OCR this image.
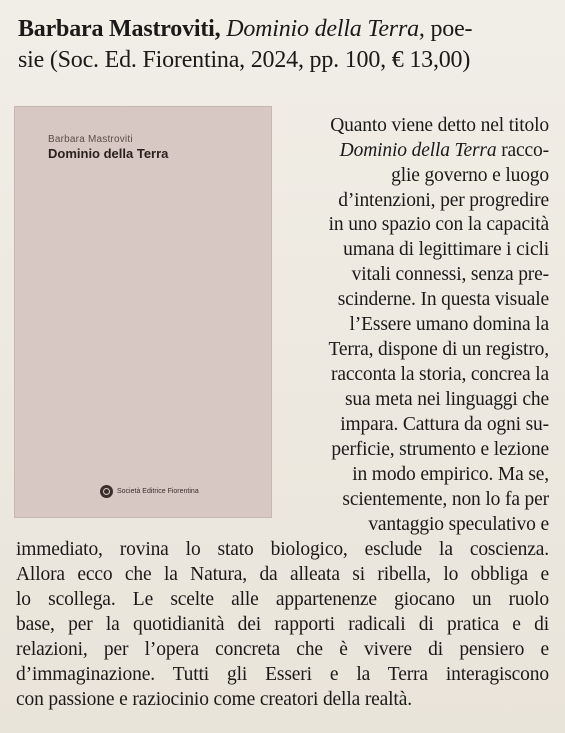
Barbara Mastroviti, Dominio della Terra, poe-
sie (Soc. Ed. Fiorentina, 2024, pp. 100, € 13,00)
Barbara Mastroviti
Dominio della Terra
Società Editrice Fiorentina
Quanto viene detto nel titolo
Dominio della Terra racco-
glie governo e luogo
d’intenzioni, per progredire
in uno spazio con la capacità
umana di legittimare i cicli
vitali connessi, senza pre-
scinderne. In questa visuale
l’Essere umano domina la
Terra, dispone di un registro,
racconta la storia, concrea la
sua meta nei linguaggi che
impara. Cattura da ogni su-
perficie, strumento e lezione
in modo empirico. Ma se,
scientemente, non lo fa per
vantaggio speculativo e
immediato, rovina lo stato biologico, esclude la coscienza.
Allora ecco che la Natura, da alleata si ribella, lo obbliga e
lo scollega. Le scelte alle appartenenze giocano un ruolo
base, per la quotidianità dei rapporti radicali di pratica e di
relazioni, per l’opera concreta che è vivere di pensiero e
d’immaginazione. Tutti gli Esseri e la Terra interagiscono
con passione e raziocinio come creatori della realtà.
